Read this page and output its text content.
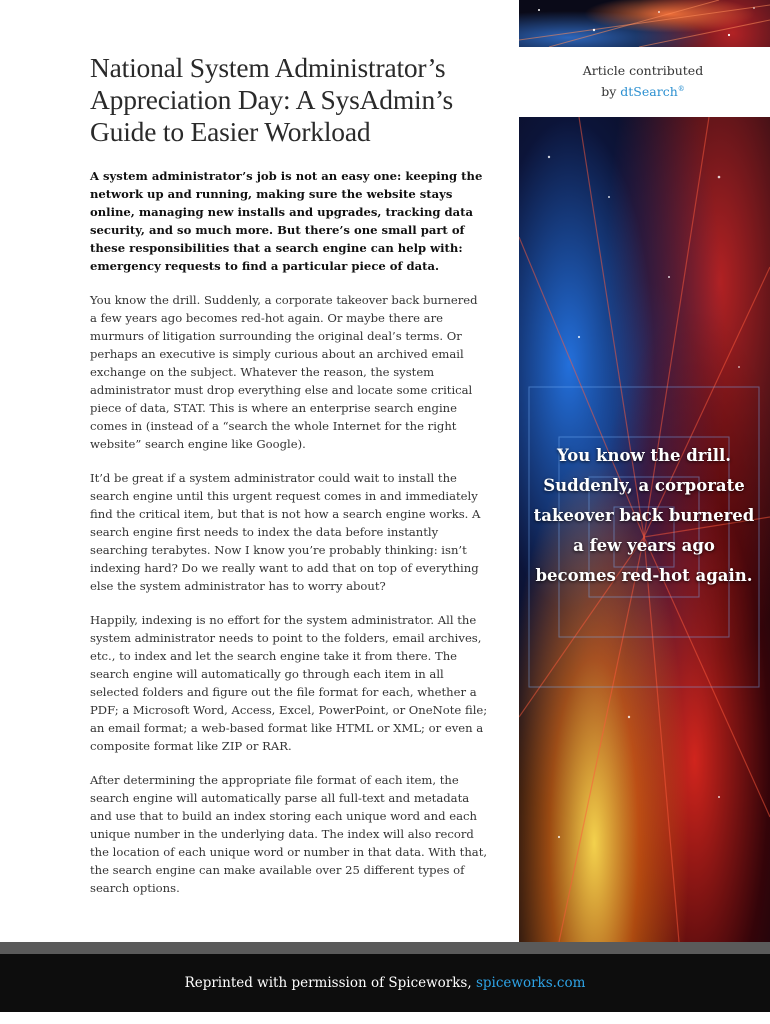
National System Administrator’s Appreciation Day: A SysAdmin’s Guide to Easier Workload

A system administrator’s job is not an easy one: keeping the network up and running, making sure the website stays online, managing new installs and upgrades, tracking data security, and so much more. But there’s one small part of these responsibilities that a search engine can help with: emergency requests to find a particular piece of data.

You know the drill. Suddenly, a corporate takeover back burnered a few years ago becomes red-hot again. Or maybe there are murmurs of litigation surrounding the original deal’s terms. Or perhaps an executive is simply curious about an archived email exchange on the subject. Whatever the reason, the system administrator must drop everything else and locate some critical piece of data, STAT. This is where an enterprise search engine comes in (instead of a “search the whole Internet for the right website” search engine like Google).

It’d be great if a system administrator could wait to install the search engine until this urgent request comes in and immediately find the critical item, but that is not how a search engine works. A search engine first needs to index the data before instantly searching terabytes. Now I know you’re probably thinking: isn’t indexing hard? Do we really want to add that on top of everything else the system administrator has to worry about?

Happily, indexing is no effort for the system administrator. All the system administrator needs to point to the folders, email archives, etc., to index and let the search engine take it from there. The search engine will automatically go through each item in all selected folders and figure out the file format for each, whether a PDF; a Microsoft Word, Access, Excel, PowerPoint, or OneNote file; an email format; a web-based format like HTML or XML; or even a composite format like ZIP or RAR.

After determining the appropriate file format of each item, the search engine will automatically parse all full-text and metadata and use that to build an index storing each unique word and each unique number in the underlying data. The index will also record the location of each unique word or number in that data. With that, the search engine can make available over 25 different types of search options.

Article contributed
by dtSearch®
You know the drill. Suddenly, a corporate takeover back burnered a few years ago becomes red-hot again.
Reprinted with permission of Spiceworks, spiceworks.com
